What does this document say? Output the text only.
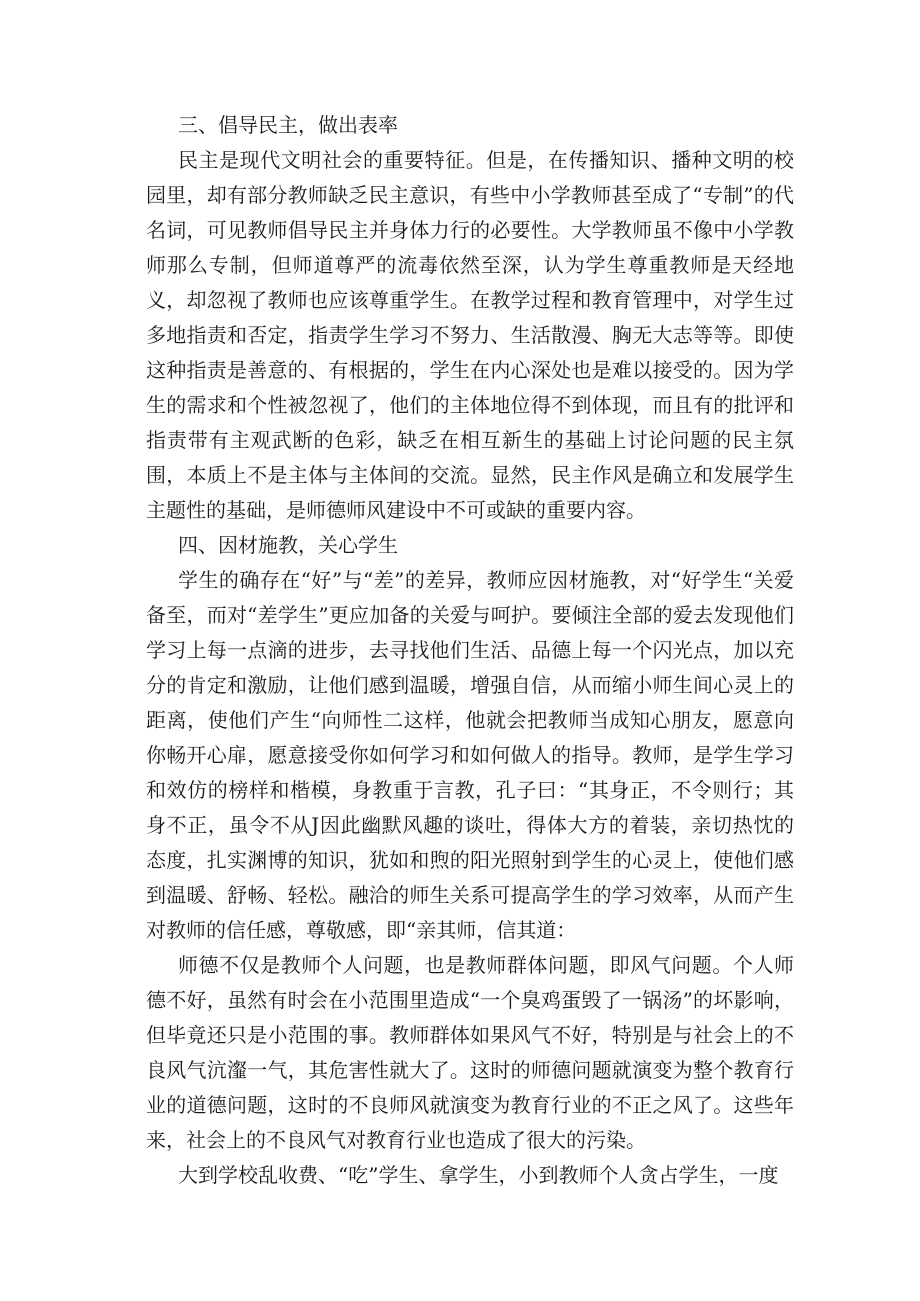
三、倡导民主，做出表率

民主是现代文明社会的重要特征。但是，在传播知识、播种文明的校园里，却有部分教师缺乏民主意识，有些中小学教师甚至成了“专制”的代名词，可见教师倡导民主并身体力行的必要性。大学教师虽不像中小学教师那么专制，但师道尊严的流毒依然至深，认为学生尊重教师是天经地义，却忽视了教师也应该尊重学生。在教学过程和教育管理中，对学生过多地指责和否定，指责学生学习不努力、生活散漫、胸无大志等等。即使这种指责是善意的、有根据的，学生在内心深处也是难以接受的。因为学生的需求和个性被忽视了，他们的主体地位得不到体现，而且有的批评和指责带有主观武断的色彩，缺乏在相互新生的基础上讨论问题的民主氛围，本质上不是主体与主体间的交流。显然，民主作风是确立和发展学生主题性的基础，是师德师风建设中不可或缺的重要内容。

四、因材施教，关心学生

学生的确存在“好”与“差”的差异，教师应因材施教，对“好学生“关爱备至，而对“差学生”更应加备的关爱与呵护。要倾注全部的爱去发现他们学习上每一点滴的进步，去寻找他们生活、品德上每一个闪光点，加以充分的肯定和激励，让他们感到温暖，增强自信，从而缩小师生间心灵上的距离，使他们产生“向师性二这样，他就会把教师当成知心朋友，愿意向你畅开心扉，愿意接受你如何学习和如何做人的指导。教师，是学生学习和效仿的榜样和楷模，身教重于言教，孔子曰：“其身正，不令则行；其身不正，虽令不从J因此幽默风趣的谈吐，得体大方的着装，亲切热忱的态度，扎实渊博的知识，犹如和煦的阳光照射到学生的心灵上，使他们感到温暖、舒畅、轻松。融洽的师生关系可提高学生的学习效率，从而产生对教师的信任感，尊敬感，即“亲其师，信其道：

师德不仅是教师个人问题，也是教师群体问题，即风气问题。个人师德不好，虽然有时会在小范围里造成“一个臭鸡蛋毁了一锅汤”的坏影响，但毕竟还只是小范围的事。教师群体如果风气不好，特别是与社会上的不良风气沆瀣一气，其危害性就大了。这时的师德问题就演变为整个教育行业的道德问题，这时的不良师风就演变为教育行业的不正之风了。这些年来，社会上的不良风气对教育行业也造成了很大的污染。

大到学校乱收费、“吃”学生、拿学生，小到教师个人贪占学生，一度
